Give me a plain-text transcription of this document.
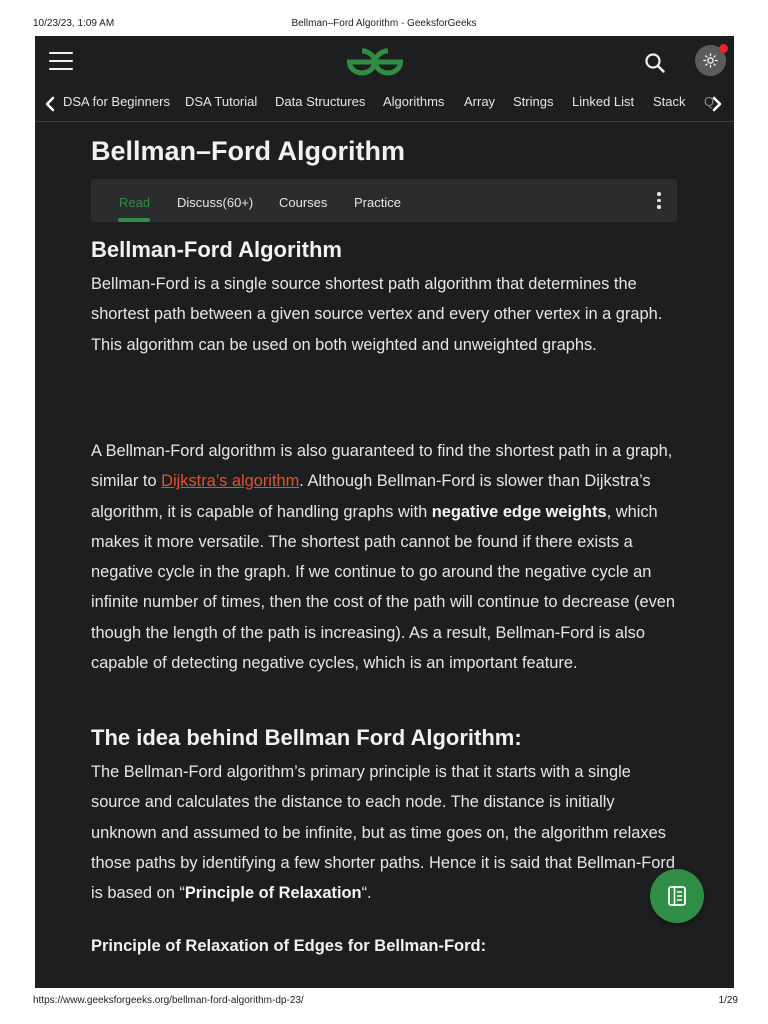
10/23/23, 1:09 AM	Bellman–Ford Algorithm - GeeksforGeeks
DSA for Beginners DSA Tutorial Data Structures Algorithms Array Strings Linked List Stack Q
Bellman–Ford Algorithm
Read Discuss(60+) Courses Practice
Bellman-Ford Algorithm

Bellman-Ford is a single source shortest path algorithm that determines the shortest path between a given source vertex and every other vertex in a graph. This algorithm can be used on both weighted and unweighted graphs.

A Bellman-Ford algorithm is also guaranteed to find the shortest path in a graph, similar to Dijkstra’s algorithm. Although Bellman-Ford is slower than Dijkstra’s algorithm, it is capable of handling graphs with negative edge weights, which makes it more versatile. The shortest path cannot be found if there exists a negative cycle in the graph. If we continue to go around the negative cycle an infinite number of times, then the cost of the path will continue to decrease (even though the length of the path is increasing). As a result, Bellman-Ford is also capable of detecting negative cycles, which is an important feature.

The idea behind Bellman Ford Algorithm:

The Bellman-Ford algorithm’s primary principle is that it starts with a single source and calculates the distance to each node. The distance is initially unknown and assumed to be infinite, but as time goes on, the algorithm relaxes those paths by identifying a few shorter paths. Hence it is said that Bellman-Ford is based on “Principle of Relaxation“.

Principle of Relaxation of Edges for Bellman-Ford:
https://www.geeksforgeeks.org/bellman-ford-algorithm-dp-23/	1/29
